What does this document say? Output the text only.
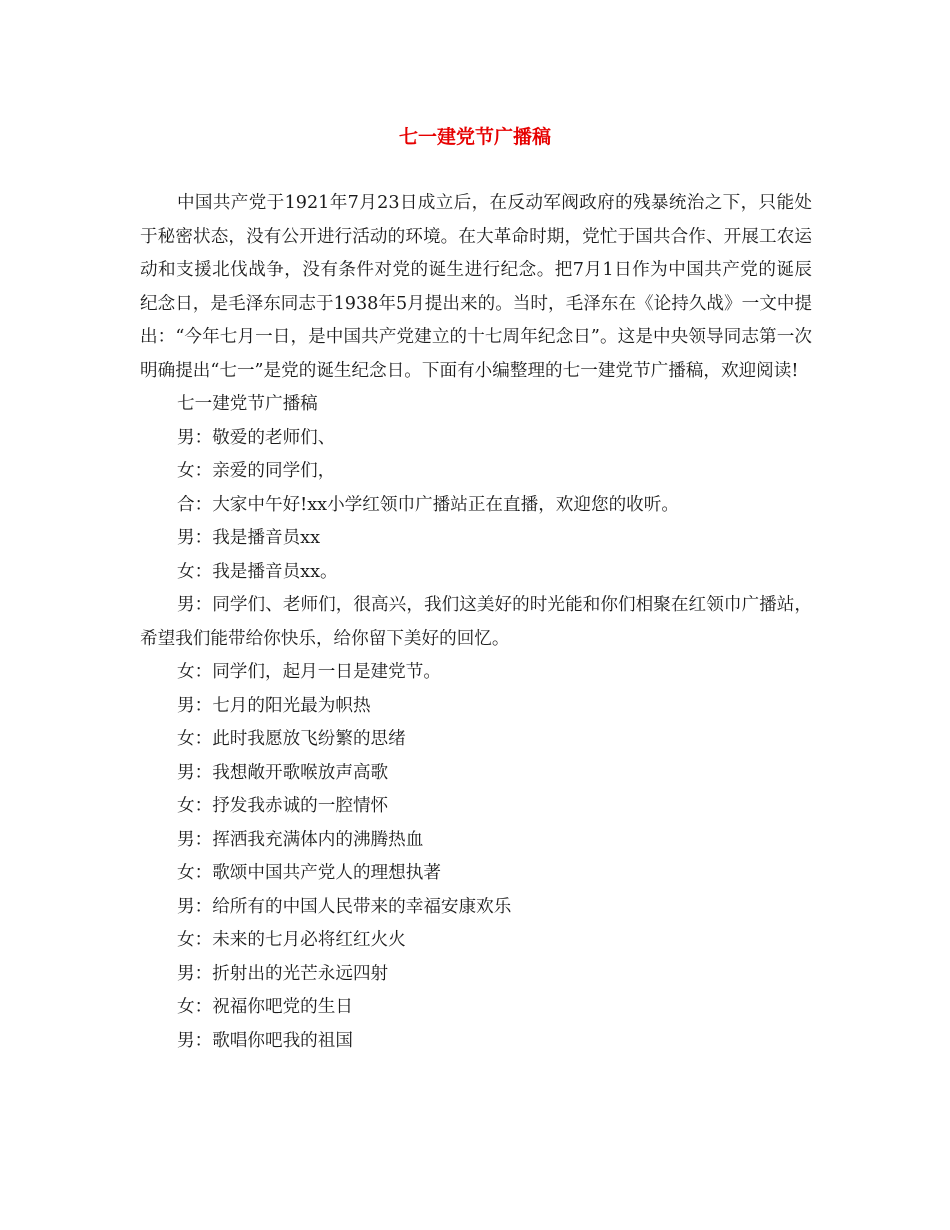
七一建党节广播稿

中国共产党于1921年7月23日成立后，在反动军阀政府的残暴统治之下，只能处于秘密状态，没有公开进行活动的环境。在大革命时期，党忙于国共合作、开展工农运动和支援北伐战争，没有条件对党的诞生进行纪念。把7月1日作为中国共产党的诞辰纪念日，是毛泽东同志于1938年5月提出来的。当时，毛泽东在《论持久战》一文中提出：“今年七月一日，是中国共产党建立的十七周年纪念日”。这是中央领导同志第一次明确提出“七一”是党的诞生纪念日。下面有小编整理的七一建党节广播稿，欢迎阅读!

七一建党节广播稿

男：敬爱的老师们、

女：亲爱的同学们，

合：大家中午好!xx小学红领巾广播站正在直播，欢迎您的收听。

男：我是播音员xx

女：我是播音员xx。

男：同学们、老师们，很高兴，我们这美好的时光能和你们相聚在红领巾广播站，希望我们能带给你快乐，给你留下美好的回忆。

女：同学们，起月一日是建党节。

男：七月的阳光最为帜热

女：此时我愿放飞纷繁的思绪

男：我想敞开歌喉放声高歌

女：抒发我赤诚的一腔情怀

男：挥洒我充满体内的沸腾热血

女：歌颂中国共产党人的理想执著

男：给所有的中国人民带来的幸福安康欢乐

女：未来的七月必将红红火火

男：折射出的光芒永远四射

女：祝福你吧党的生日

男：歌唱你吧我的祖国
